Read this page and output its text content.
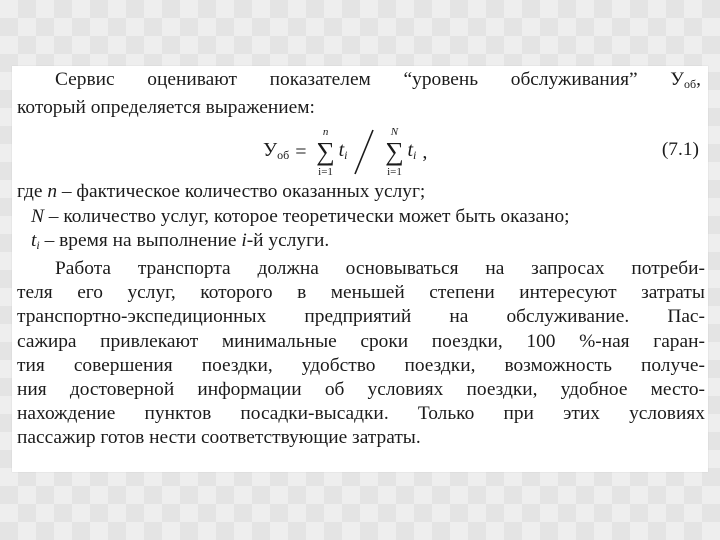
Сервис оценивают показателем “уровень обслуживания” $У_{об}$,
который определяется выражением:
$У_{об}$ =
n
∑
i=1
$t_i$
N
∑
i=1
$t_i$ ,	(7.1)
где n – фактическое количество оказанных услуг;
N – количество услуг, которое теоретически может быть оказано;
$t_i$ – время на выполнение i-й услуги.
Работа транспорта должна основываться на запросах потреби-
теля его услуг, которого в меньшей степени интересуют затраты
транспортно-экспедиционных предприятий на обслуживание. Пас-
сажира привлекают минимальные сроки поездки, 100 %-ная гаран-
тия совершения поездки, удобство поездки, возможность получе-
ния достоверной информации об условиях поездки, удобное место-
нахождение пунктов посадки-высадки. Только при этих условиях
пассажир готов нести соответствующие затраты.
